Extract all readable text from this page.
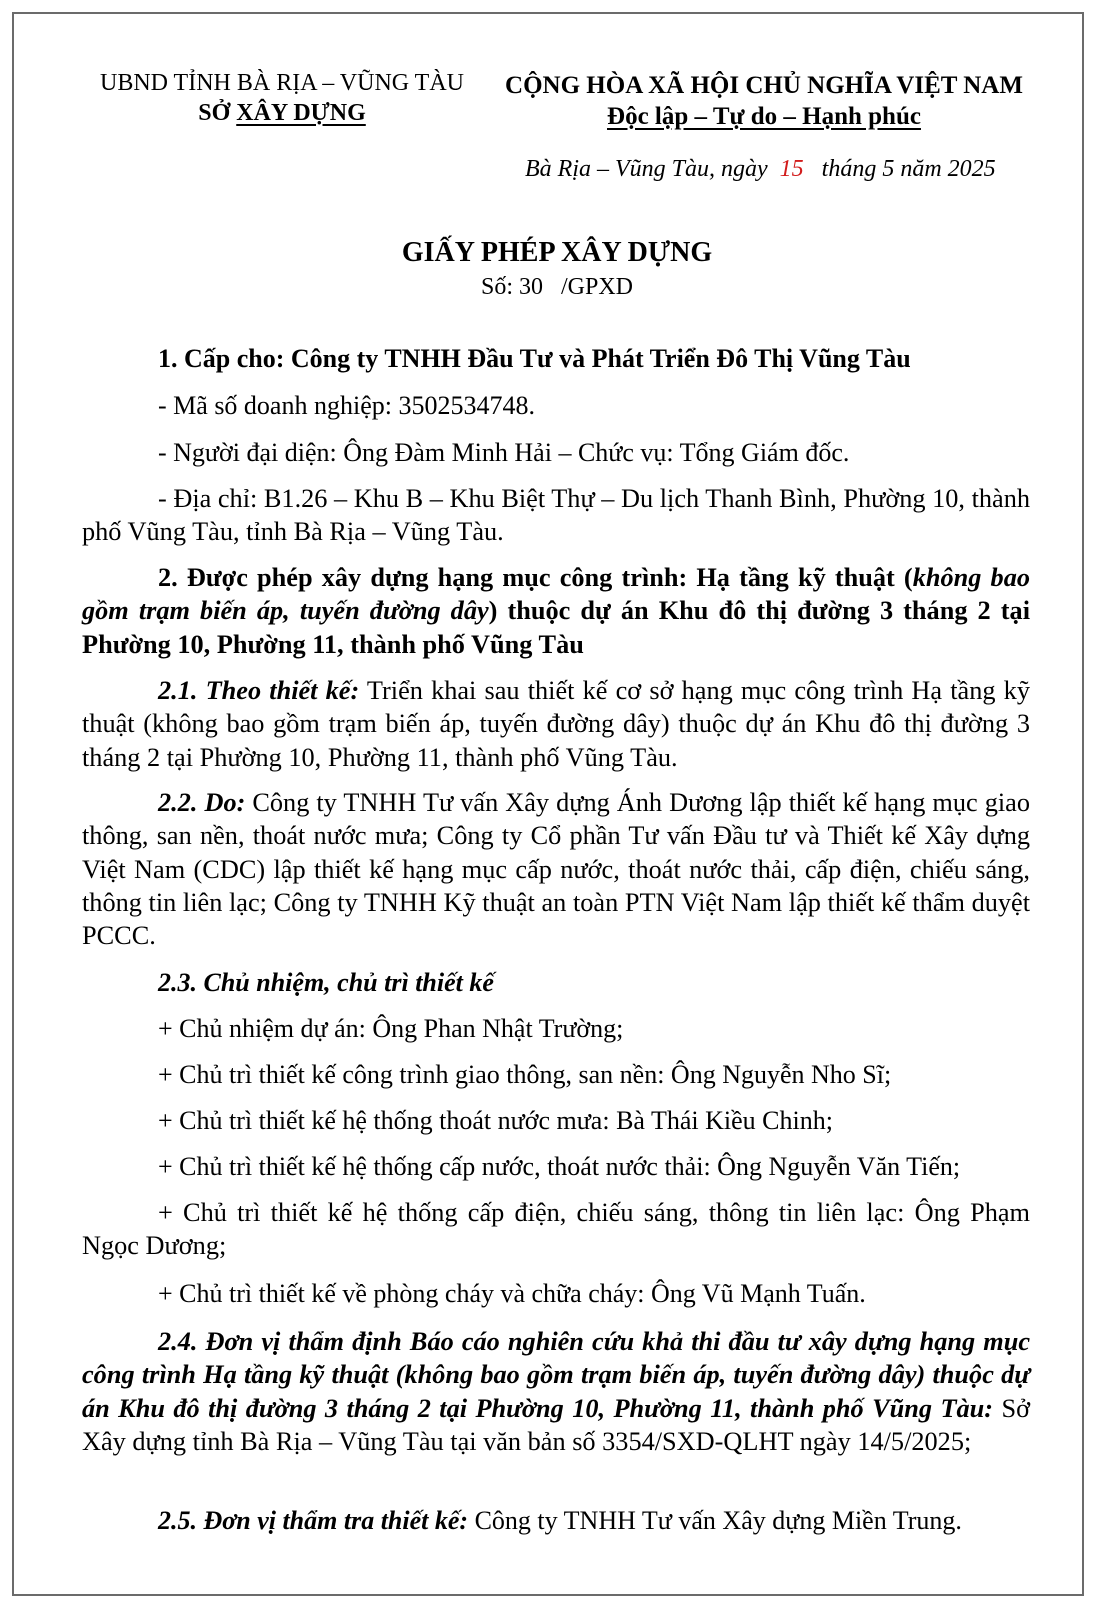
UBND TỈNH BÀ RỊA – VŨNG TÀU
SỞ XÂY DỰNG
CỘNG HÒA XÃ HỘI CHỦ NGHĨA VIỆT NAM
Độc lập – Tự do – Hạnh phúc
Bà Rịa – Vũng Tàu, ngày 15 tháng 5 năm 2025
GIẤY PHÉP XÂY DỰNG
Số: 30 /GPXD
1. Cấp cho: Công ty TNHH Đầu Tư và Phát Triển Đô Thị Vũng Tàu
- Mã số doanh nghiệp: 3502534748.
- Người đại diện: Ông Đàm Minh Hải – Chức vụ: Tổng Giám đốc.

- Địa chỉ: B1.26 – Khu B – Khu Biệt Thự – Du lịch Thanh Bình, Phường 10, thành phố Vũng Tàu, tỉnh Bà Rịa – Vũng Tàu.

2. Được phép xây dựng hạng mục công trình: Hạ tầng kỹ thuật (không bao gồm trạm biến áp, tuyến đường dây) thuộc dự án Khu đô thị đường 3 tháng 2 tại Phường 10, Phường 11, thành phố Vũng Tàu

2.1. Theo thiết kế: Triển khai sau thiết kế cơ sở hạng mục công trình Hạ tầng kỹ thuật (không bao gồm trạm biến áp, tuyến đường dây) thuộc dự án Khu đô thị đường 3 tháng 2 tại Phường 10, Phường 11, thành phố Vũng Tàu.

2.2. Do: Công ty TNHH Tư vấn Xây dựng Ánh Dương lập thiết kế hạng mục giao thông, san nền, thoát nước mưa; Công ty Cổ phần Tư vấn Đầu tư và Thiết kế Xây dựng Việt Nam (CDC) lập thiết kế hạng mục cấp nước, thoát nước thải, cấp điện, chiếu sáng, thông tin liên lạc; Công ty TNHH Kỹ thuật an toàn PTN Việt Nam lập thiết kế thẩm duyệt PCCC.

2.3. Chủ nhiệm, chủ trì thiết kế
+ Chủ nhiệm dự án: Ông Phan Nhật Trường;
+ Chủ trì thiết kế công trình giao thông, san nền: Ông Nguyễn Nho Sĩ;
+ Chủ trì thiết kế hệ thống thoát nước mưa: Bà Thái Kiều Chinh;
+ Chủ trì thiết kế hệ thống cấp nước, thoát nước thải: Ông Nguyễn Văn Tiến;

+ Chủ trì thiết kế hệ thống cấp điện, chiếu sáng, thông tin liên lạc: Ông Phạm Ngọc Dương;

+ Chủ trì thiết kế về phòng cháy và chữa cháy: Ông Vũ Mạnh Tuấn.

2.4. Đơn vị thẩm định Báo cáo nghiên cứu khả thi đầu tư xây dựng hạng mục công trình Hạ tầng kỹ thuật (không bao gồm trạm biến áp, tuyến đường dây) thuộc dự án Khu đô thị đường 3 tháng 2 tại Phường 10, Phường 11, thành phố Vũng Tàu: Sở Xây dựng tỉnh Bà Rịa – Vũng Tàu tại văn bản số 3354/SXD-QLHT ngày 14/5/2025;

2.5. Đơn vị thẩm tra thiết kế: Công ty TNHH Tư vấn Xây dựng Miền Trung.
